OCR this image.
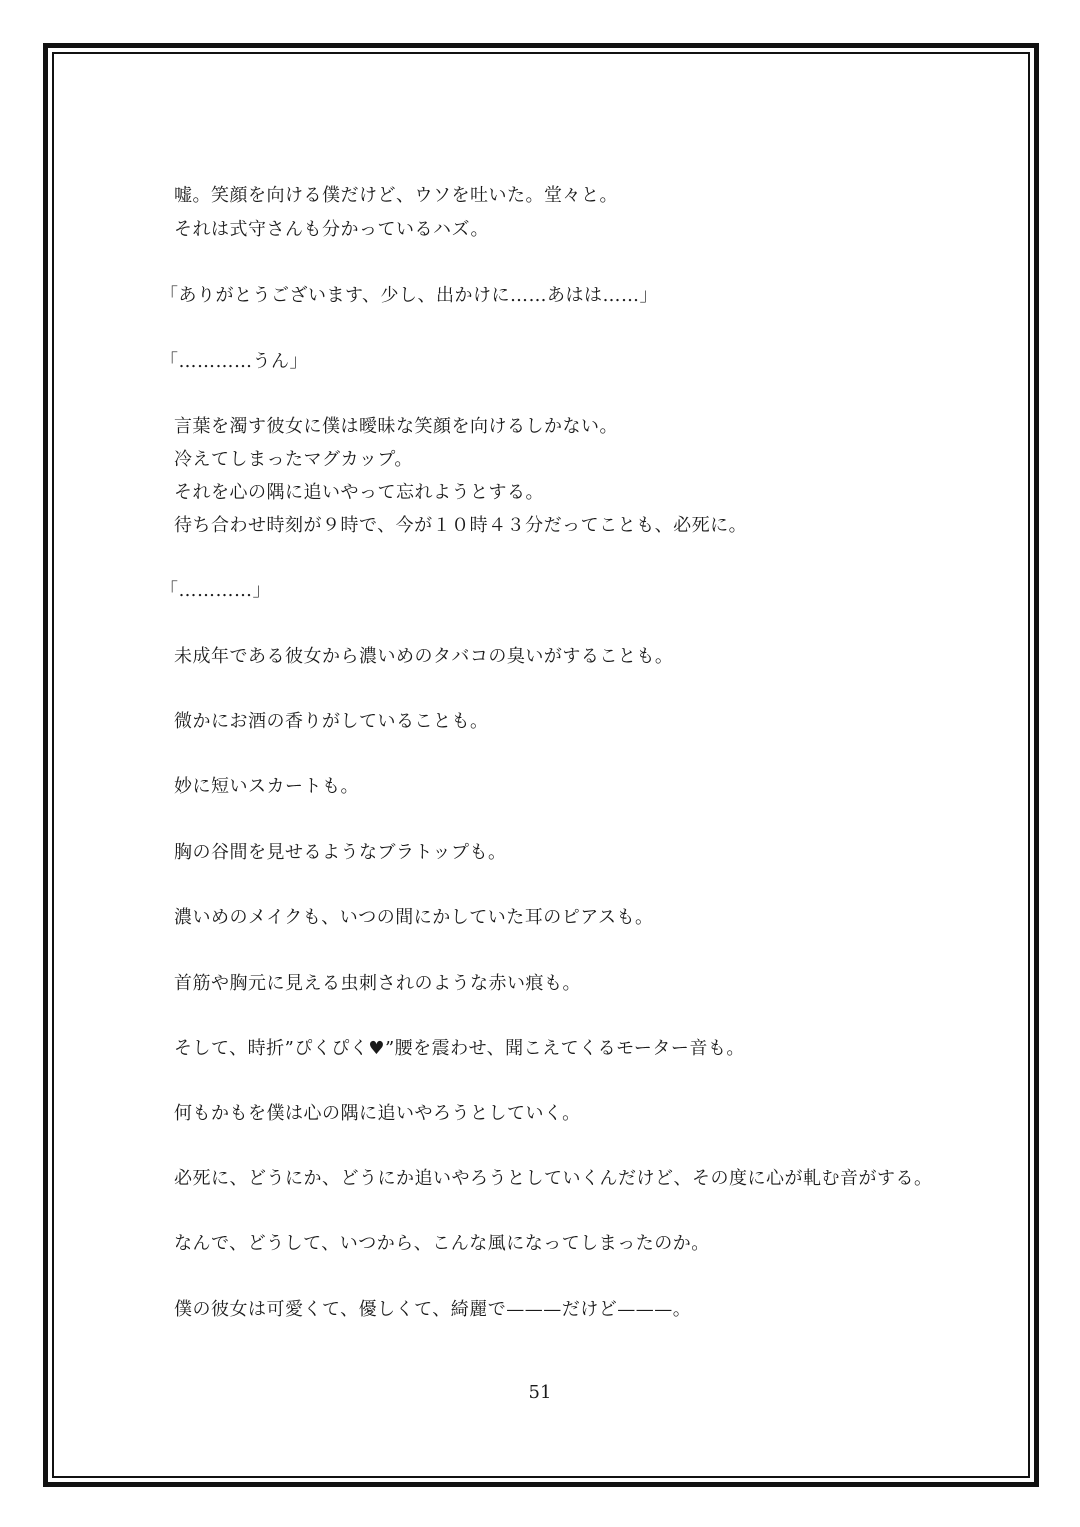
嘘。笑顔を向ける僕だけど、ウソを吐いた。堂々と。
それは式守さんも分かっているハズ。
「ありがとうございます、少し、出かけに……あはは……」
「…………うん」
言葉を濁す彼女に僕は曖昧な笑顔を向けるしかない。
冷えてしまったマグカップ。
それを心の隅に追いやって忘れようとする。
待ち合わせ時刻が９時で、今が１０時４３分だってことも、必死に。
「…………」
未成年である彼女から濃いめのタバコの臭いがすることも。
微かにお酒の香りがしていることも。
妙に短いスカートも。
胸の谷間を見せるようなブラトップも。
濃いめのメイクも、いつの間にかしていた耳のピアスも。
首筋や胸元に見える虫刺されのような赤い痕も。
そして、時折”ぴくぴく♥”腰を震わせ、聞こえてくるモーター音も。
何もかもを僕は心の隅に追いやろうとしていく。
必死に、どうにか、どうにか追いやろうとしていくんだけど、その度に心が軋む音がする。
なんで、どうして、いつから、こんな風になってしまったのか。
僕の彼女は可愛くて、優しくて、綺麗で———だけど———。
51
